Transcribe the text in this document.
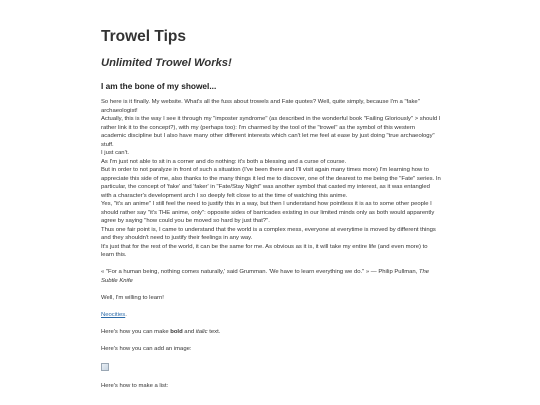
Trowel Tips
Unlimited Trowel Works!
I am the bone of my showel...

So here is it finally. My website. What's all the fuss about trowels and Fate quotes? Well, quite simply, because I'm a "fake" archaeologist!

Actually, this is the way I see it through my "imposter syndrome" (as described in the wonderful book "Failing Gloriously" > should I rather link it to the concept?), with my (perhaps too): I'm charmed by the tool of the "trowel" as the symbol of this western academic discipline but I also have many other different interests which can't let me feel at ease by just doing "true archaeology" stuff.

I just can't.

As I'm just not able to sit in a corner and do nothing: it's both a blessing and a curse of course.

But in order to not paralyze in front of such a situation (I've been there and I'll visit again many times more) I'm learning how to appreciate this side of me, also thanks to the many things it led me to discover, one of the dearest to me being the "Fate" series. In particular, the concept of 'fake' and 'faker' in "Fate/Stay Night" was another symbol that casted my interest, as it was entangled with a character's development arch I so deeply felt close to at the time of watching this anime.

Yes, "it's an anime" I still feel the need to justify this in a way, but then I understand how pointless it is as to some other people I should rather say "it's THE anime, only": opposite sides of barricades existing in our limited minds only as both would apparently agree by saying "how could you be moved so hard by just that?".

Thus one fair point is, I came to understand that the world is a complex mess, everyone at everytime is moved by different things and they shouldn't need to justify their feelings in any way.

It's just that for the rest of the world, it can be the same for me. As obvious as it is, it will take my entire life (and even more) to learn this.

« "For a human being, nothing comes naturally,' said Grumman. 'We have to learn everything we do." » — Philip Pullman, The Subtle Knife

Well, I'm willing to learn!

Neocities.

Here's how you can make bold and italic text.

Here's how you can add an image:

Here's how to make a list:
